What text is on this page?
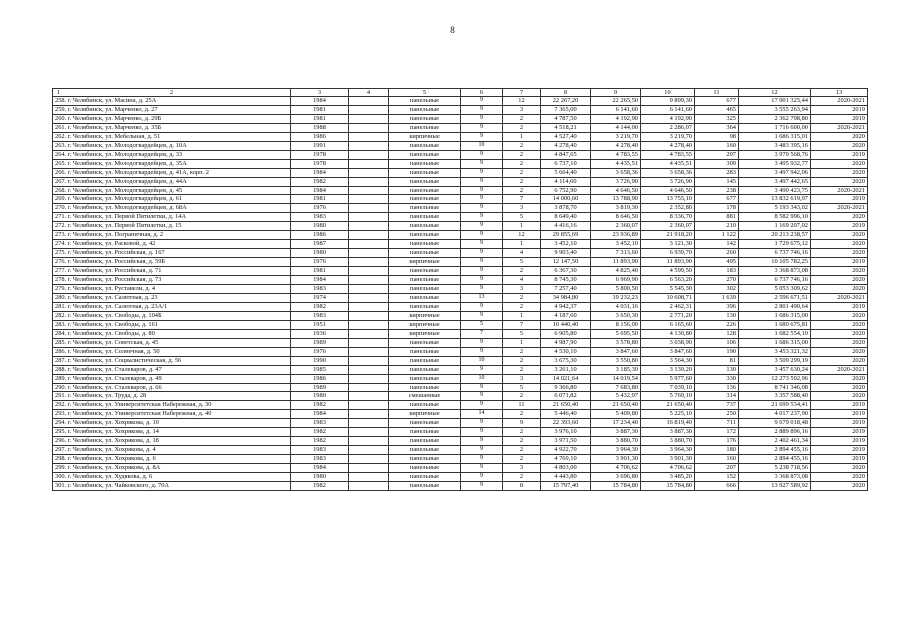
8
1 2	3	4	5	6	7	8	9	10	11	12	13
258. г. Челябинск, ул. Масина, д. 25А	1984		панельные	9	12	22 267,20	22 265,50	9 899,30	677	17 901 325,44	2020-2021
259. г. Челябинск, ул. Марченко, д. 27	1981		панельные	9	3	7 365,00	6 141,60	6 141,60	465	3 555 263,94	2019
260. г. Челябинск, ул. Марченко, д. 29Б	1981		панельные	9	2	4 787,50	4 192,90	4 192,90	325	2 362 798,80	2019
261. г. Челябинск, ул. Марченко, д. 35Б	1988		панельные	9	2	4 518,21	4 144,00	2 286,07	364	1 716 600,00	2020-2021
262. г. Челябинск, ул. Мебельная, д. 51	1986		кирпичные	9	1	4 527,40	3 219,70	3 219,70	98	1 686 315,01	2020
263. г. Челябинск, ул. Молодогвардейцев, д. 10А	1991		панельные	10	2	4 278,40	4 278,40	4 278,40	160	3 483 395,16	2020
264. г. Челябинск, ул. Молодогвардейцев, д. 33	1978		панельные	9	2	4 847,65	4 783,55	4 783,55	297	3 979 568,76	2019
265. г. Челябинск, ул. Молодогвардейцев, д. 35А	1978		панельные	9	2	6 737,10	4 435,51	4 435,51	309	3 495 932,77	2020
266. г. Челябинск, ул. Молодогвардейцев, д. 41А, корп. 2	1984		панельные	9	2	5 664,40	3 658,36	3 658,36	283	3 497 942,06	2020
267. г. Челябинск, ул. Молодогвардейцев, д. 44А	1982		панельные	9	2	4 114,60	3 726,90	3 726,90	145	3 497 442,65	2020
268. г. Челябинск, ул. Молодогвардейцев, д. 45	1984		панельные	9	2	6 752,90	4 646,50	4 646,50	238	3 490 423,75	2020-2021
269. г. Челябинск, ул. Молодогвардейцев, д. 61	1981		панельные	9	7	14 000,60	13 788,90	13 755,10	677	13 832 619,97	2019
270. г. Челябинск, ул. Молодогвардейцев, д. 68А	1976		панельные	9	3	3 878,70	3 819,30	2 352,80	178	5 193 343,02	2020-2021
271. г. Челябинск, ул. Первой Пятилетки, д. 14А	1983		панельные	9	5	8 649,40	8 646,50	8 336,70	881	8 582 996,10	2020
272. г. Челябинск, ул. Первой Пятилетки, д. 15	1980		панельные	9	1	4 416,16	2 360,07	2 360,07	210	1 169 207,02	2019
273. г. Челябинск, ул. Пограничная, д. 2	1986		панельные	9	12	29 855,69	23 936,89	21 918,20	1 122	20 213 238,57	2020
274. г. Челябинск, ул. Расковой, д. 42	1987		панельные	9	1	3 452,10	3 452,10	3 121,30	142	1 729 675,12	2020
275. г. Челябинск, ул. Российская, д. 167	1980		панельные	9	4	9 903,40	7 313,60	6 939,70	260	6 737 746,16	2020
276. г. Челябинск, ул. Российская, д. 59Б	1976		кирпичные	9	5	12 147,50	11 893,90	11 893,90	495	10 105 782,25	2019
277. г. Челябинск, ул. Российская, д. 71	1981		панельные	9	2	6 367,30	4 825,40	4 599,50	183	3 368 873,08	2020
278. г. Челябинск, ул. Российская, д. 73	1984		панельные	9	4	8 745,30	6 969,90	6 563,20	270	6 737 746,16	2020
279. г. Челябинск, ул. Руставели, д. 4	1983		панельные	9	3	7 257,40	5 800,50	5 545,30	302	5 053 309,62	2020
280. г. Челябинск, ул. Салютная, д. 23	1974		панельные	13	2	34 984,80	19 232,23	10 608,71	1 639	2 596 671,51	2020-2021
281. г. Челябинск, ул. Салютная, д. 23А/1	1982		панельные	9	2	4 942,37	4 031,16	2 462,31	396	2 801 490,64	2019
282. г. Челябинск, ул. Свободы, д. 104Б	1983		кирпичные	9	1	4 187,60	3 650,30	2 771,20	130	1 686 315,00	2020
283. г. Челябинск, ул. Свободы, д. 161	1951		кирпичные	5	7	10 440,40	8 156,00	6 165,60	226	1 680 675,81	2020
284. г. Челябинск, ул. Свободы, д. 80	1936		кирпичные	7	5	6 905,80	5 695,50	4 130,80	128	1 682 554,10	2020
285. г. Челябинск, ул. Советская, д. 45	1989		панельные	9	1	4 987,90	3 578,80	3 038,90	106	1 686 315,00	2020
286. г. Челябинск, ул. Солнечная, д. 50	1976		панельные	9	2	4 530,10	3 847,60	3 847,60	190	3 453 321,32	2020
287. г. Челябинск, ул. Социалистическая, д. 56	1990		панельные	10	2	3 675,30	3 550,80	3 564,30	81	3 509 299,19	2020
288. г. Челябинск, ул. Сталеваров, д. 47	1985		панельные	9	2	3 261,10	3 185,30	3 139,20	130	3 457 630,24	2020-2021
289. г. Челябинск, ул. Сталеваров, д. 49	1986		панельные	10	3	14 021,64	14 019,54	5 977,60	330	12 273 592,96	2020
290. г. Челябинск, ул. Сталеваров, д. 66	1989		панельные	9	5	9 366,80	7 683,80	7 039,10	136	8 741 346,08	2020
291. г. Челябинск, ул. Труда, д. 28	1980		смешанные	9	2	6 071,82	5 432,97	5 769,10	314	3 357 588,40	2020
292. г. Челябинск, ул. Университетская Набережная, д. 30	1982		панельные	9	11	21 650,40	21 650,40	21 650,40	737	21 699 534,41	2019
293. г. Челябинск, ул. Университетская Набережная, д. 40	1984		кирпичные	14	2	5 446,40	5 409,80	5 225,10	250	4 017 237,90	2019
294. г. Челябинск, ул. Хохрякова, д. 10	1983		панельные	9	9	22 393,60	17 234,40	16 819,40	711	9 679 018,48	2019
295. г. Челябинск, ул. Хохрякова, д. 14	1982		панельные	9	2	3 976,10	3 887,30	3 887,30	172	2 889 896,16	2019
296. г. Челябинск, ул. Хохрякова, д. 18	1982		панельные	9	2	3 971,50	3 880,70	3 880,70	176	2 402 461,34	2019
297. г. Челябинск, ул. Хохрякова, д. 4	1983		панельные	9	2	4 922,70	3 964,30	3 964,30	180	2 894 455,16	2019
298. г. Челябинск, ул. Хохрякова, д. 6	1983		панельные	9	2	4 769,10	3 901,30	3 901,30	160	2 894 455,16	2019
299. г. Челябинск, ул. Хохрякова, д. 8А	1984		панельные	9	3	4 803,00	4 706,62	4 706,62	207	5 238 718,56	2020
300. г. Челябинск, ул. Худякова, д. 6	1980		панельные	9	2	4 443,80	3 696,80	3 485,20	152	3 368 873,08	2020
301. г. Челябинск, ул. Чайковского, д. 70А	1982		панельные	9	8	15 797,40	15 784,80	15 784,80	666	13 927 589,92	2020
